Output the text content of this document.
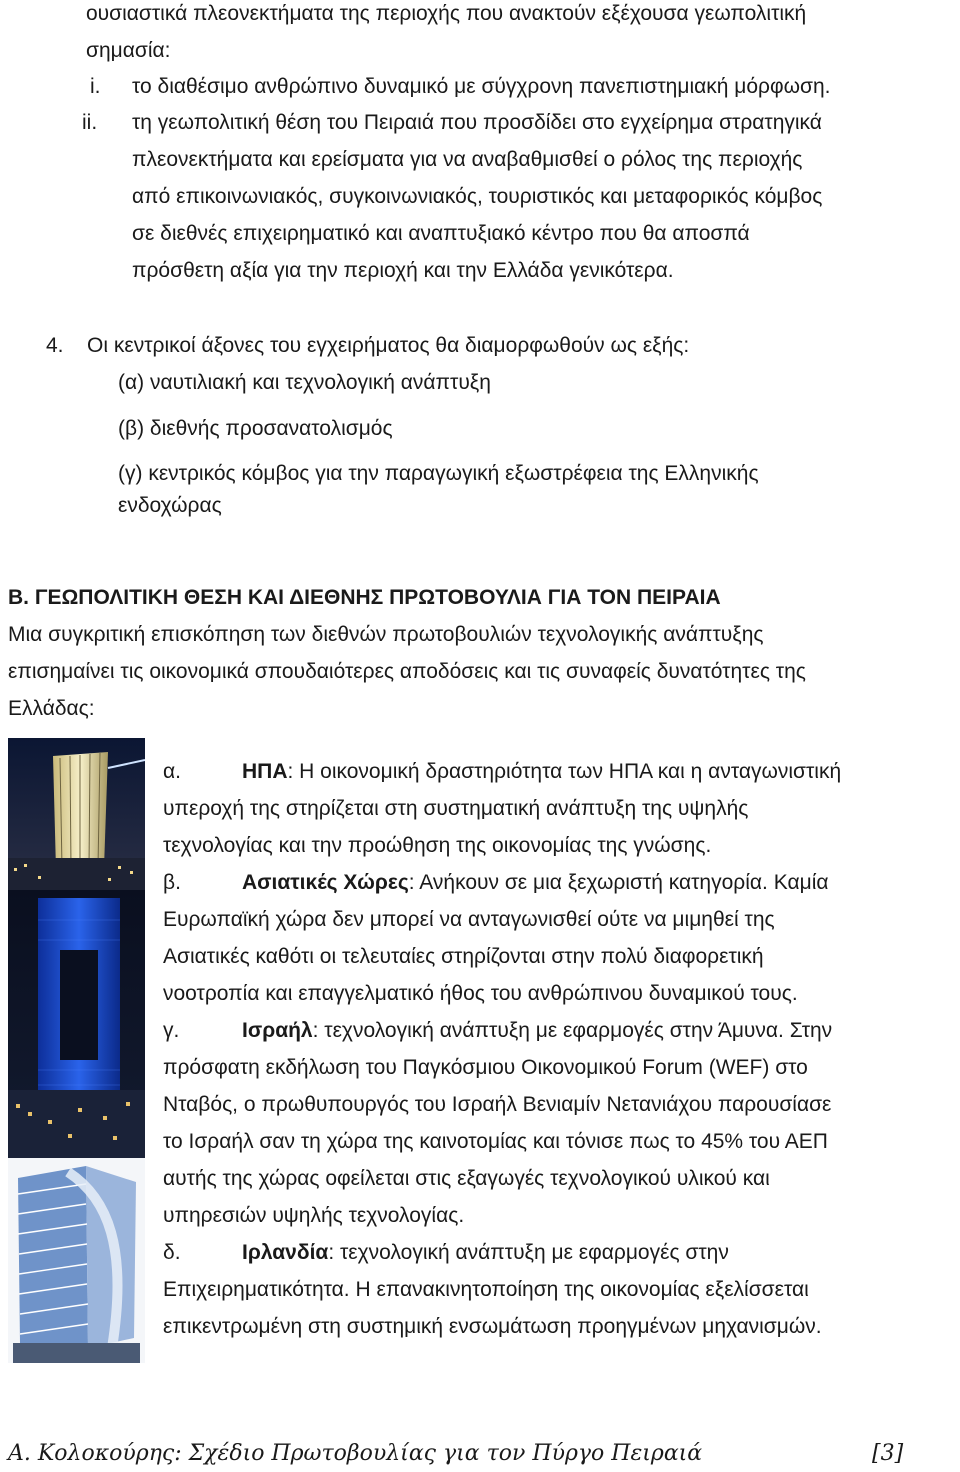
ουσιαστικά πλεονεκτήματα της περιοχής που ανακτούν εξέχουσα γεωπολιτική
σημασία:
i. το διαθέσιμο ανθρώπινο δυναμικό με σύγχρονη πανεπιστημιακή μόρφωση.
ii. τη γεωπολιτική θέση του Πειραιά που προσδίδει στο εγχείρημα στρατηγικά
πλεονεκτήματα και ερείσματα για να αναβαθμισθεί ο ρόλος της περιοχής
από επικοινωνιακός, συγκοινωνιακός, τουριστικός και μεταφορικός κόμβος
σε διεθνές επιχειρηματικό και αναπτυξιακό κέντρο που θα αποσπά
πρόσθετη αξία για την περιοχή και την Ελλάδα γενικότερα.
4. Οι κεντρικοί άξονες του εγχειρήματος θα διαμορφωθούν ως εξής:
(α) ναυτιλιακή και τεχνολογική ανάπτυξη
(β) διεθνής προσανατολισμός
(γ) κεντρικός κόμβος για την παραγωγική εξωστρέφεια της Ελληνικής
ενδοχώρας
Β. ΓΕΩΠΟΛΙΤΙΚΗ ΘΕΣΗ ΚΑΙ ΔΙΕΘΝΗΣ ΠΡΩΤΟΒΟΥΛΙΑ ΓΙΑ ΤΟΝ ΠΕΙΡΑΙΑ
Μια συγκριτική επισκόπηση των διεθνών πρωτοβουλιών τεχνολογικής ανάπτυξης
επισημαίνει τις οικονομικά σπουδαιότερες αποδόσεις και τις συναφείς δυνατότητες της
Ελλάδας:
α.	ΗΠΑ: Η οικονομική δραστηριότητα των ΗΠΑ και η ανταγωνιστική
υπεροχή της στηρίζεται στη συστηματική ανάπτυξη της υψηλής
τεχνολογίας και την προώθηση της οικονομίας της γνώσης.
β.	Ασιατικές Χώρες: Ανήκουν σε μια ξεχωριστή κατηγορία. Καμία
Ευρωπαϊκή χώρα δεν μπορεί να ανταγωνισθεί ούτε να μιμηθεί της
Ασιατικές καθότι οι τελευταίες στηρίζονται στην πολύ διαφορετική
νοοτροπία και επαγγελματικό ήθος του ανθρώπινου δυναμικού τους.
γ.	Ισραήλ: τεχνολογική ανάπτυξη με εφαρμογές στην Άμυνα. Στην
πρόσφατη εκδήλωση του Παγκόσμιου Οικονομικού Forum (WEF) στο
Νταβός, ο πρωθυπουργός του Ισραήλ Βενιαμίν Νετανιάχου παρουσίασε
το Ισραήλ σαν τη χώρα της καινοτομίας και τόνισε πως το 45% του ΑΕΠ
αυτής της χώρας οφείλεται στις εξαγωγές τεχνολογικού υλικού και
υπηρεσιών υψηλής τεχνολογίας.
δ.	Ιρλανδία: τεχνολογική ανάπτυξη με εφαρμογές στην
Επιχειρηματικότητα. Η επανακινητοποίηση της οικονομίας εξελίσσεται
επικεντρωμένη στη συστημική ενσωμάτωση προηγμένων μηχανισμών.
Α. Κολοκούρης: Σχέδιο Πρωτοβουλίας για τον Πύργο Πειραιά	[3]
